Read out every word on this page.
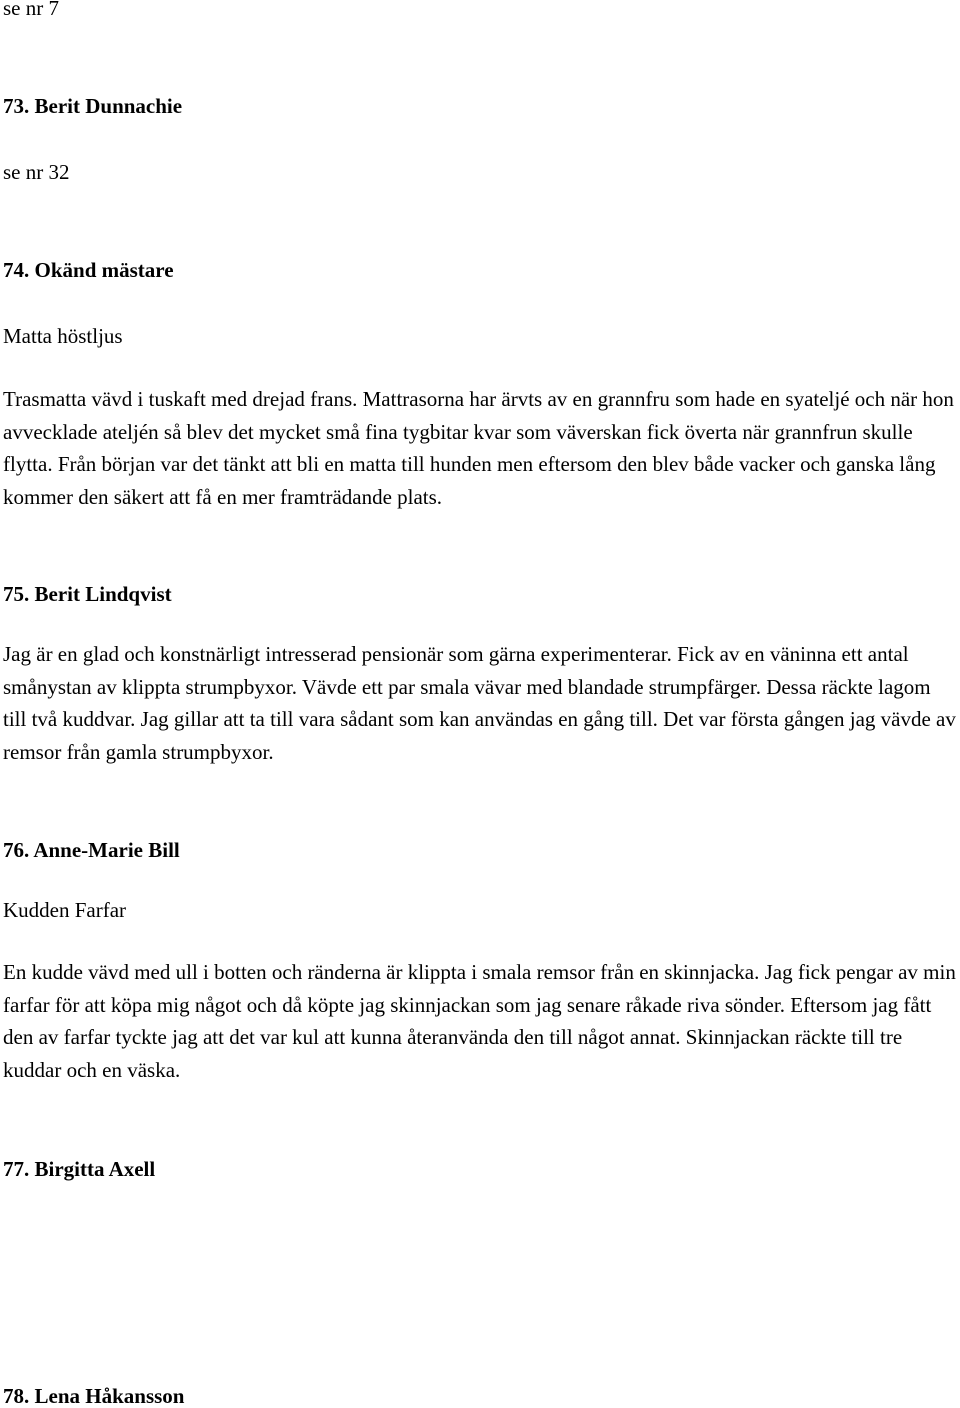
se nr 7

73. Berit Dunnachie

se nr 32

74. Okänd mästare

Matta höstljus

Trasmatta vävd i tuskaft med drejad frans. Mattrasorna har ärvts av en grannfru som hade en syateljé och när hon avvecklade ateljén så blev det mycket små fina tygbitar kvar som väverskan fick överta när grannfrun skulle flytta. Från början var det tänkt att bli en matta till hunden men eftersom den blev både vacker och ganska lång kommer den säkert att få en mer framträdande plats.

75. Berit Lindqvist

Jag är en glad och konstnärligt intresserad pensionär som gärna experimenterar. Fick av en väninna ett antal smånystan av klippta strumpbyxor. Vävde ett par smala vävar med blandade strumpfärger. Dessa räckte lagom till två kuddvar. Jag gillar att ta till vara sådant som kan användas en gång till. Det var första gången jag vävde av remsor från gamla strumpbyxor.

76. Anne-Marie Bill

Kudden Farfar

En kudde vävd med ull i botten och ränderna är klippta i smala remsor från en skinnjacka. Jag fick pengar av min farfar för att köpa mig något och då köpte jag skinnjackan som jag senare råkade riva sönder. Eftersom jag fått den av farfar tyckte jag att det var kul att kunna återanvända den till något annat. Skinnjackan räckte till tre kuddar och en väska.

77. Birgitta Axell

78. Lena Håkansson
